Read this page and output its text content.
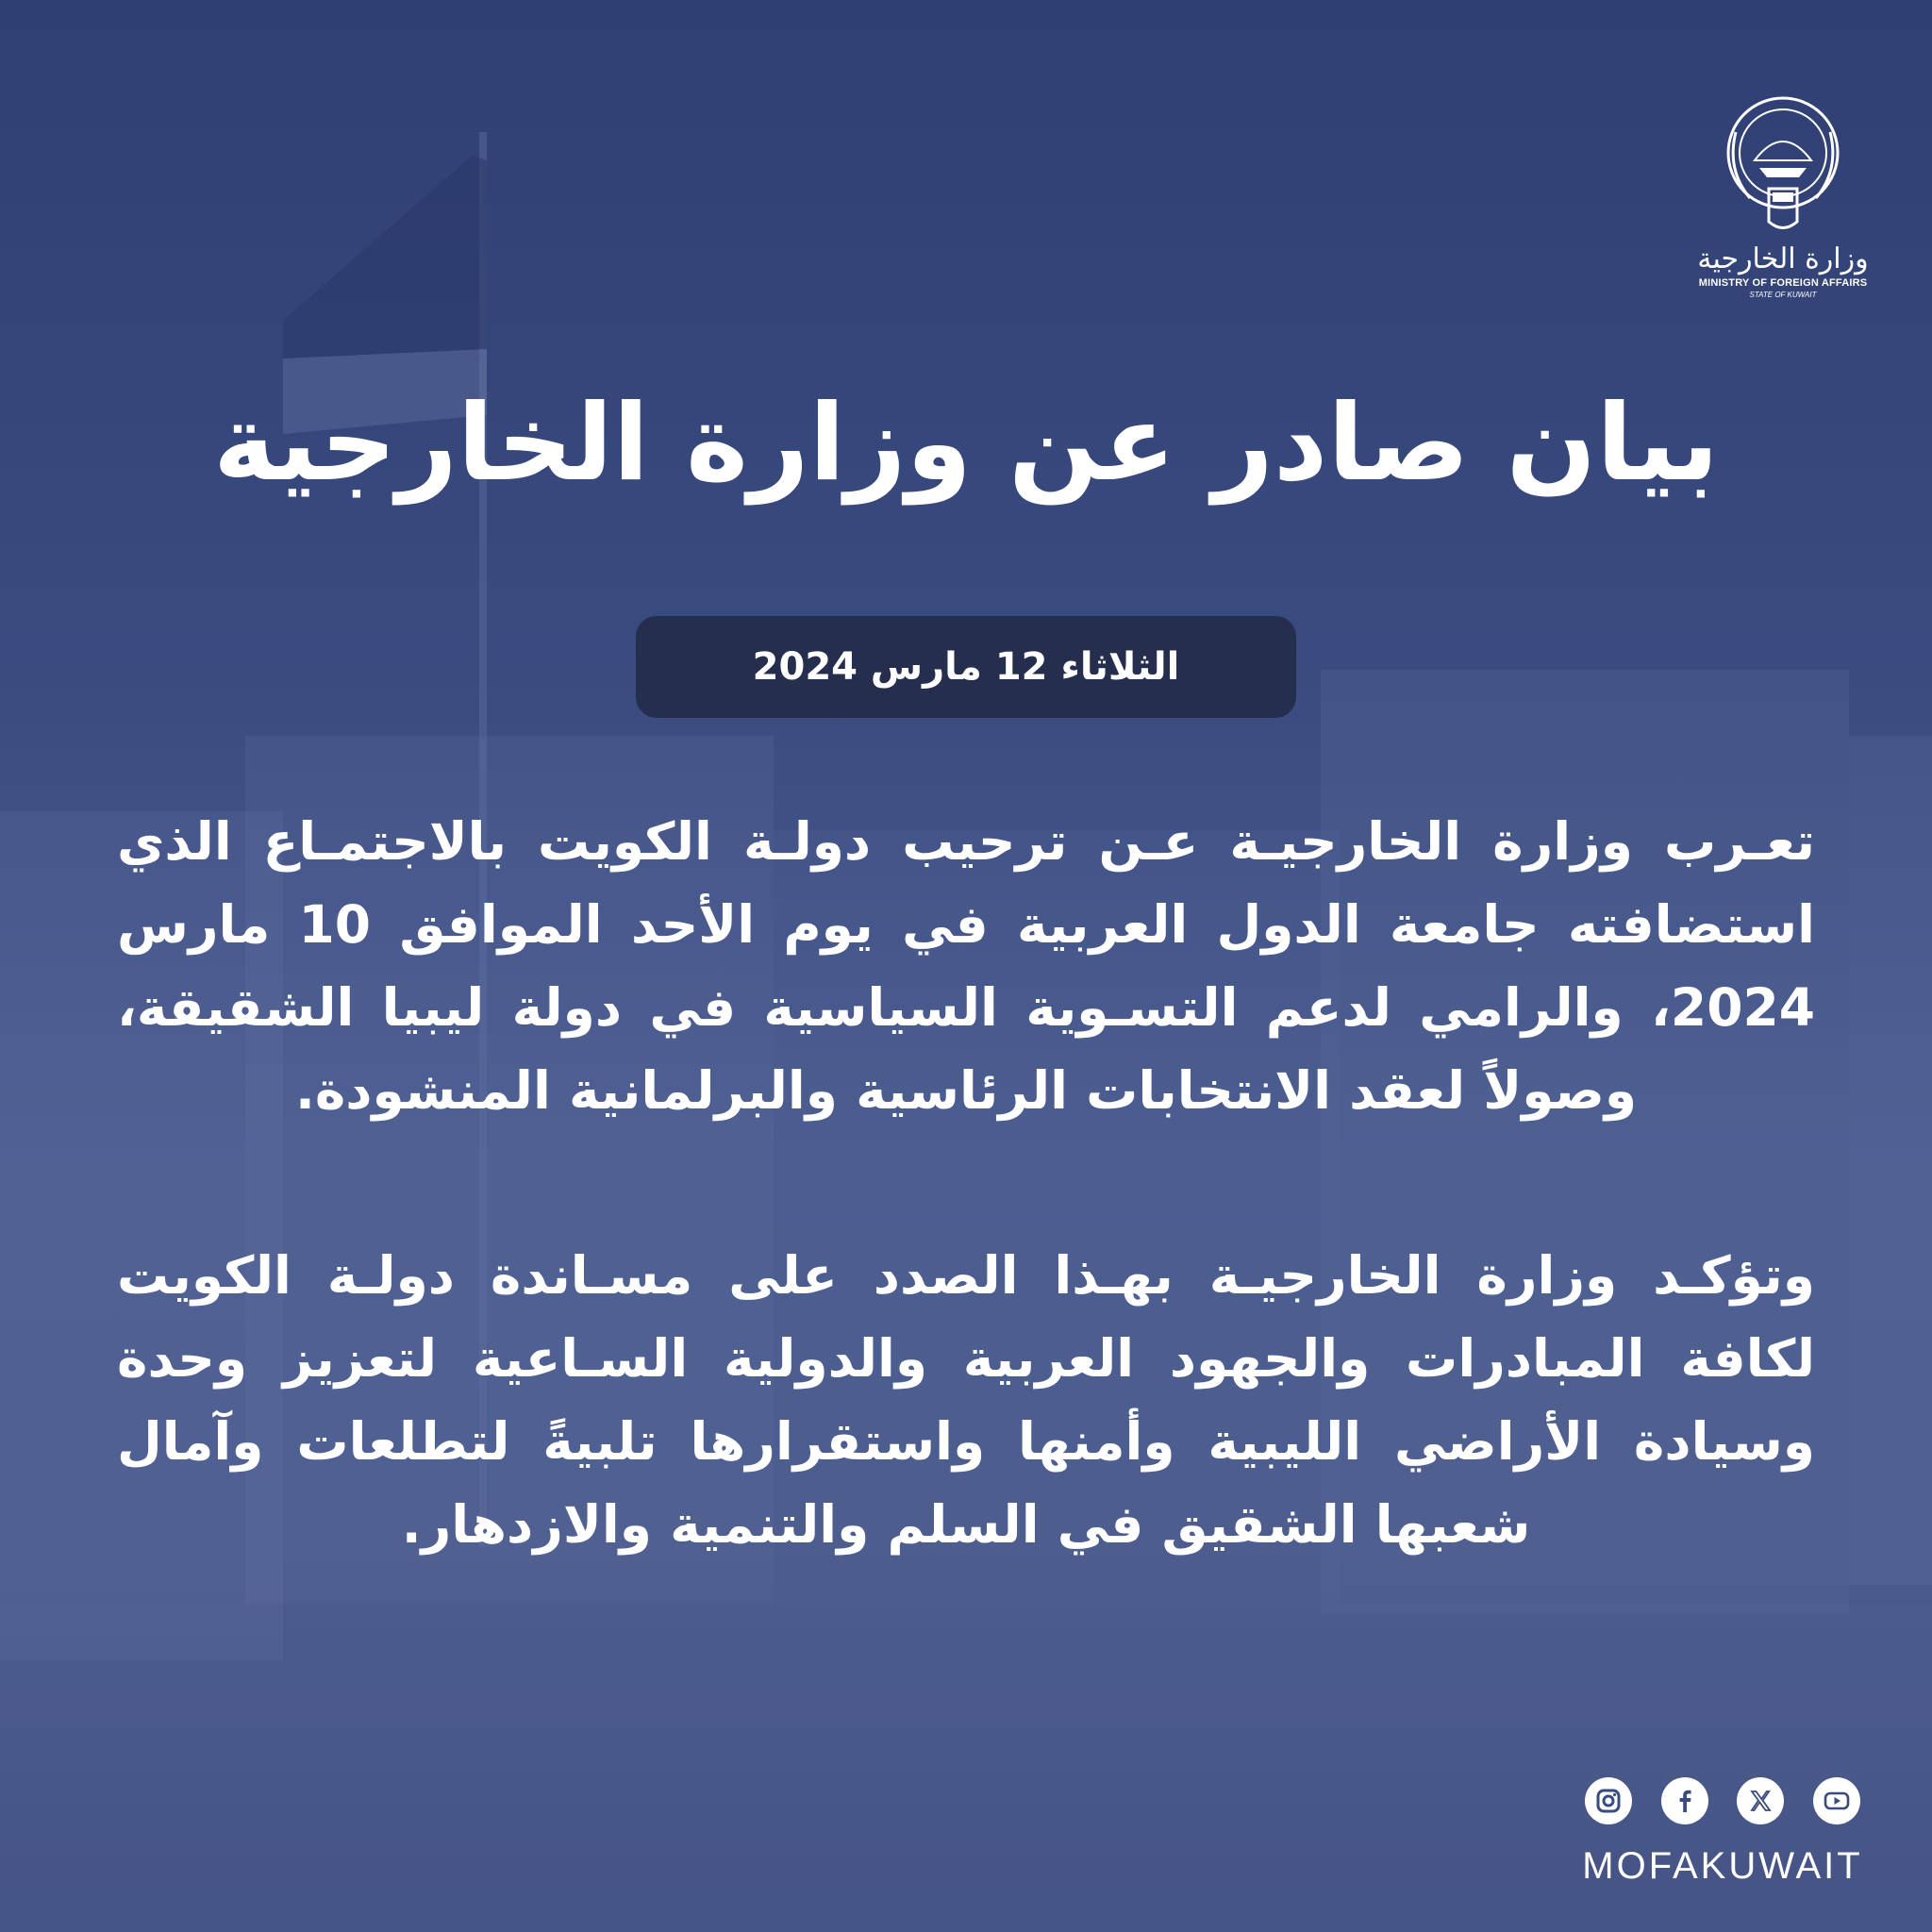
وزارة الخارجية
MINISTRY OF FOREIGN AFFAIRS
STATE OF KUWAIT
بيان صادر عن وزارة الخارجية
الثلاثاء 12 مارس 2024
تعـرب وزارة الخارجيـة عـن ترحيب دولـة الكويت بالاجتمـاع الذي استضافته جامعة الدول العربية في يوم الأحد الموافق 10 مارس 2024، والرامي لدعم التسـوية السياسية في دولة ليبيا الشقيقة، وصولاً لعقد الانتخابات الرئاسية والبرلمانية المنشودة.
وتؤكـد وزارة الخارجيـة بهـذا الصدد على مسـاندة دولـة الكويت لكافة المبادرات والجهود العربية والدولية السـاعية لتعزيز وحدة وسيادة الأراضي الليبية وأمنها واستقرارها تلبيةً لتطلعات وآمال شعبها الشقيق في السلم والتنمية والازدهار.
MOFAKUWAIT
